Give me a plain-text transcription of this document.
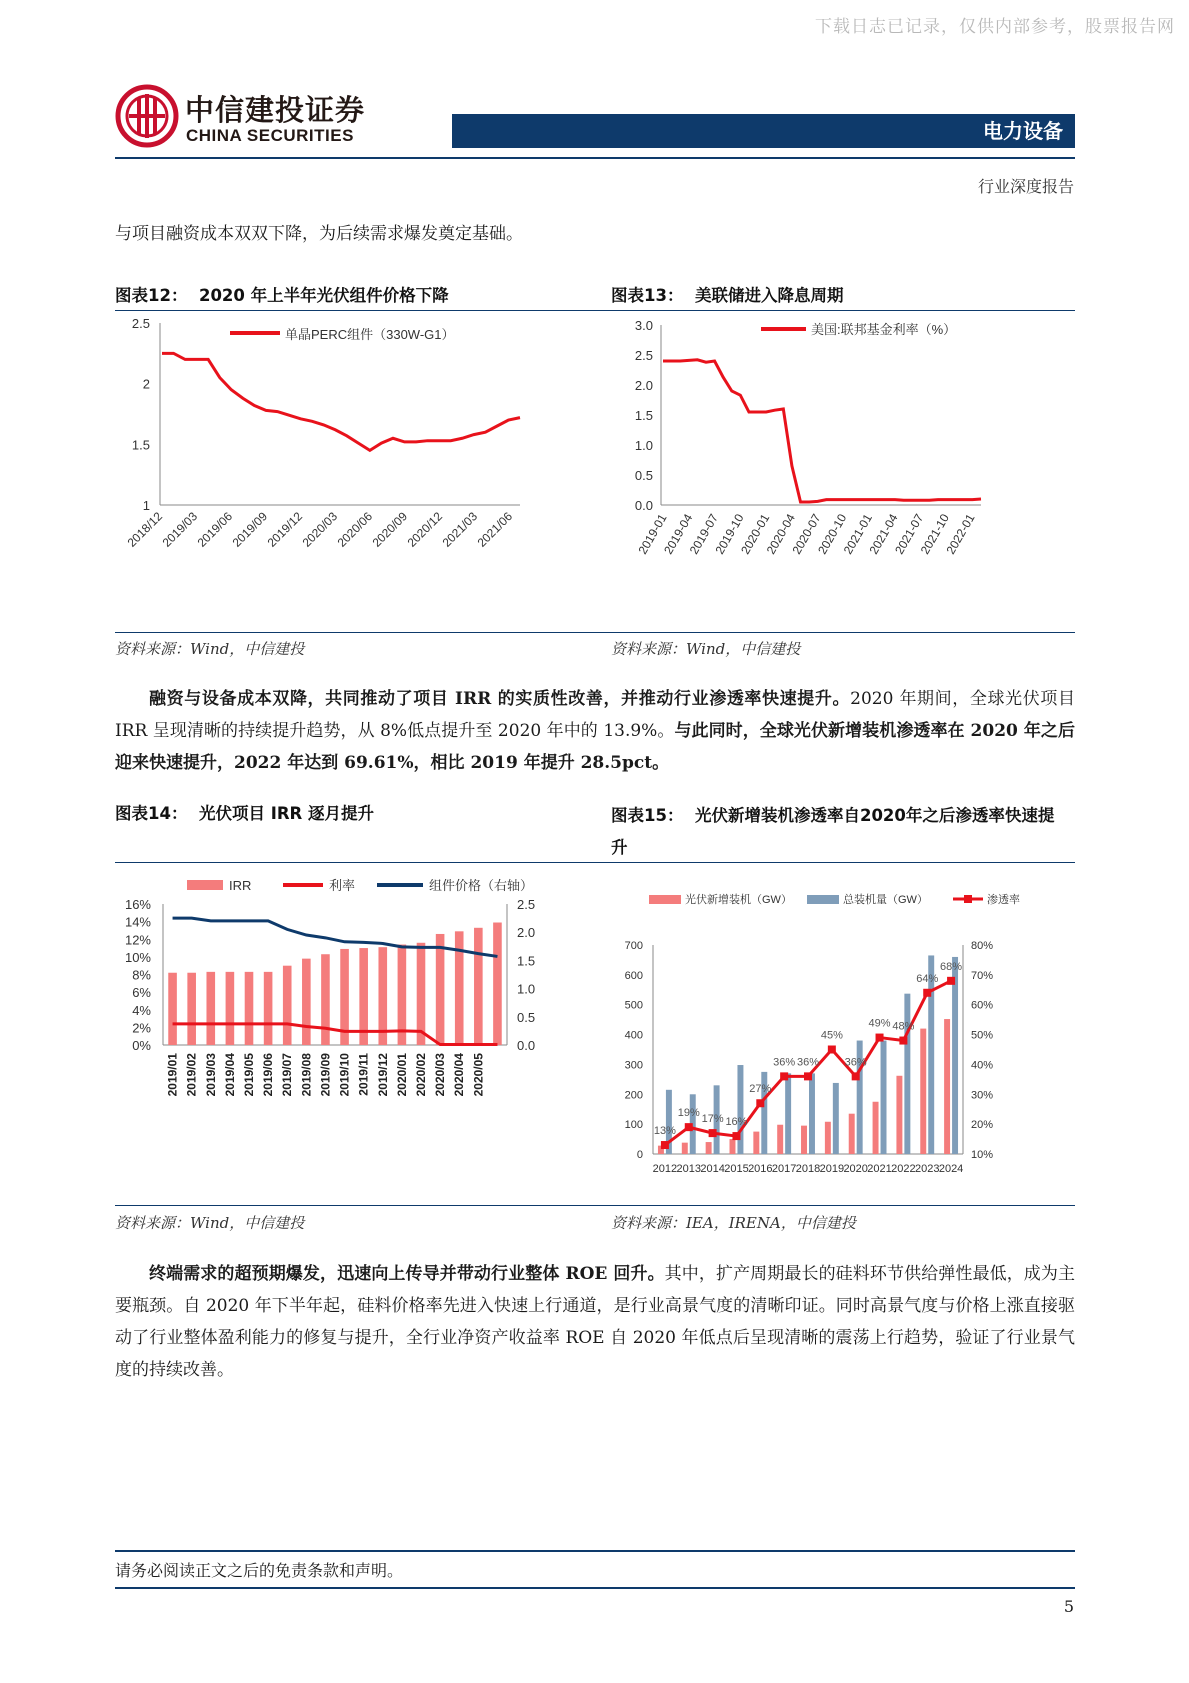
下载日志已记录，仅供内部参考，股票报告网
中信建投证券
CHINA SECURITIES	电力设备
行业深度报告
与项目融资成本双双下降，为后续需求爆发奠定基础。
图表12： 2020 年上半年光伏组件价格下降	图表13： 美联储进入降息周期
单晶PERC组件（330W-G1）
2.5
2
1.5
1
2018/12
2019/03
2019/06
2019/09
2019/12
2020/03
2020/06
2020/09
2020/12
2021/03
2021/06
美国:联邦基金利率（%）
3.0
2.5
2.0
1.5
1.0
0.5
0.0
2019-01
2019-04
2019-07
2019-10
2020-01
2020-04
2020-07
2020-10
2021-01
2021-04
2021-07
2021-10
2022-01
资料来源：Wind，中信建投	资料来源：Wind，中信建投
融资与设备成本双降，共同推动了项目 IRR 的实质性改善，并推动行业渗透率快速提升。2020 年期间，全球光伏项目 IRR 呈现清晰的持续提升趋势，从 8%低点提升至 2020 年中的 13.9%。与此同时，全球光伏新增装机渗透率在 2020 年之后迎来快速提升，2022 年达到 69.61%，相比 2019 年提升 28.5pct。
图表14： 光伏项目 IRR 逐月提升	图表15： 光伏新增装机渗透率自2020年之后渗透率快速提
升
IRR	利率	组件价格（右轴）
16%
14%
12%
10%
8%
6%
4%
2%
0%
2.5
2.0
1.5
1.0
0.5
0.0
2019/01 2019/02 2019/03 2019/04 2019/05 2019/06 2019/07 2019/08 2019/09 2019/10 2019/11 2019/12 2020/01 2020/02 2020/03 2020/04 2020/05
光伏新增装机（GW）	总装机量（GW）	渗透率
700
600
500
400
300
200
100
0
80%
70%
60%
50%
40%
30%
20%
10%
2012 2013 2014 2015 2016 2017 2018 2019 2020 2021 2022 2023 2024
13%
19% 17% 16%
27%
36% 36%
45%
36%
49% 48%
64%
68%
资料来源：Wind，中信建投	资料来源：IEA，IRENA，中信建投
终端需求的超预期爆发，迅速向上传导并带动行业整体 ROE 回升。其中，扩产周期最长的硅料环节供给弹性最低，成为主要瓶颈。自 2020 年下半年起，硅料价格率先进入快速上行通道，是行业高景气度的清晰印证。同时高景气度与价格上涨直接驱动了行业整体盈利能力的修复与提升，全行业净资产收益率 ROE 自 2020 年低点后呈现清晰的震荡上行趋势，验证了行业景气度的持续改善。
请务必阅读正文之后的免责条款和声明。
5
